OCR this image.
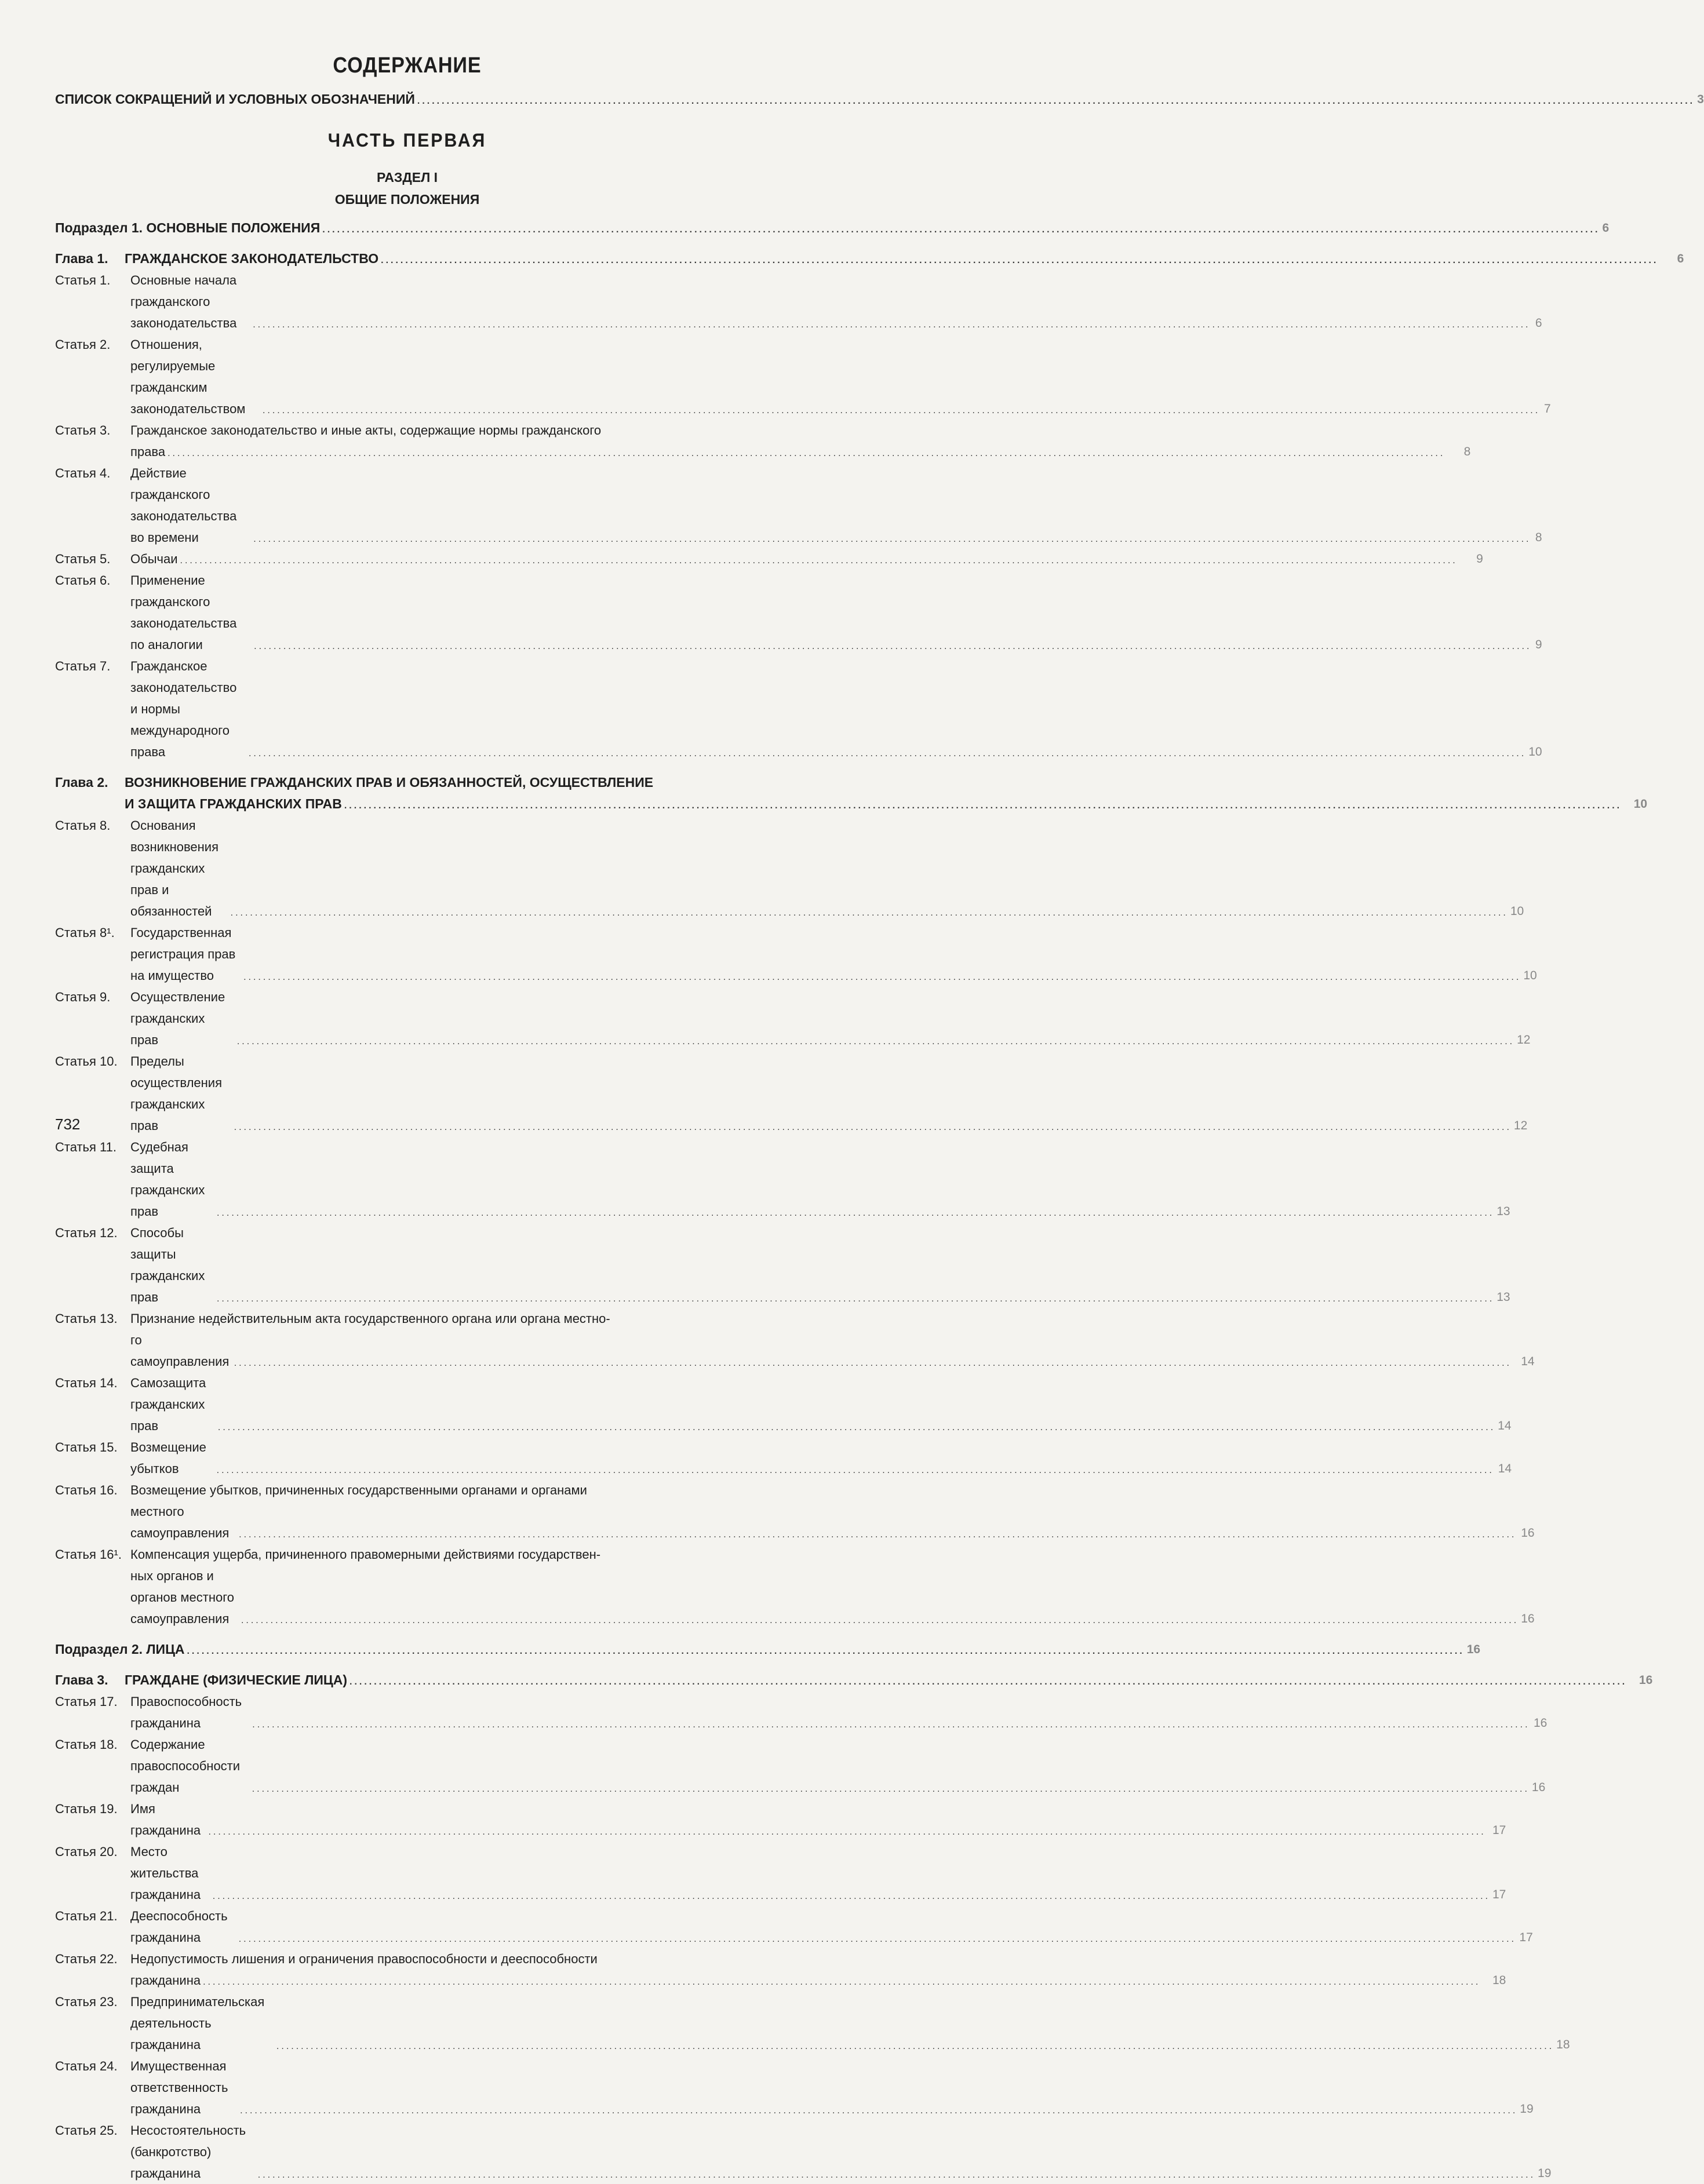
СОДЕРЖАНИЕ
СПИСОК СОКРАЩЕНИЙ И УСЛОВНЫХ ОБОЗНАЧЕНИЙ .....	3
ЧАСТЬ ПЕРВАЯ
РАЗДЕЛ I
ОБЩИЕ ПОЛОЖЕНИЯ
Подраздел 1. ОСНОВНЫЕ ПОЛОЖЕНИЯ .....	6
Глава 1.	ГРАЖДАНСКОЕ ЗАКОНОДАТЕЛЬСТВО .....	6
Статья 1.	Основные начала гражданского законодательства .....	6
Статья 2.	Отношения, регулируемые гражданским законодательством .....	7
Статья 3.	Гражданское законодательство и иные акты, содержащие нормы гражданского
права .....	8
Статья 4.	Действие гражданского законодательства во времени .....	8
Статья 5.	Обычаи .....	9
Статья 6.	Применение гражданского законодательства по аналогии .....	9
Статья 7.	Гражданское законодательство и нормы международного права .....	10
Глава 2.	ВОЗНИКНОВЕНИЕ ГРАЖДАНСКИХ ПРАВ И ОБЯЗАННОСТЕЙ, ОСУЩЕСТВЛЕНИЕ
И ЗАЩИТА ГРАЖДАНСКИХ ПРАВ .....	10
Статья 8.	Основания возникновения гражданских прав и обязанностей .....	10
Статья 8¹.	Государственная регистрация прав на имущество .....	10
Статья 9.	Осуществление гражданских прав .....	12
Статья 10.	Пределы осуществления гражданских прав .....	12
Статья 11.	Судебная защита гражданских прав .....	13
Статья 12.	Способы защиты гражданских прав .....	13
Статья 13.	Признание недействительным акта государственного органа или органа местно-
го самоуправления .....	14
Статья 14.	Самозащита гражданских прав .....	14
Статья 15.	Возмещение убытков .....	14
Статья 16.	Возмещение убытков, причиненных государственными органами и органами
местного самоуправления .....	16
Статья 16¹. Компенсация ущерба, причиненного правомерными действиями государствен-
ных органов и органов местного самоуправления .....	16
Подраздел 2. ЛИЦА .....	16
Глава 3.	ГРАЖДАНЕ (ФИЗИЧЕСКИЕ ЛИЦА) .....	16
Статья 17.	Правоспособность гражданина .....	16
Статья 18.	Содержание правоспособности граждан .....	16
Статья 19.	Имя гражданина .....	17
Статья 20.	Место жительства гражданина .....	17
Статья 21.	Дееспособность гражданина .....	17
Статья 22.	Недопустимость лишения и ограничения правоспособности и дееспособности
гражданина .....	18
Статья 23.	Предпринимательская деятельность гражданина .....	18
Статья 24.	Имущественная ответственность гражданина .....	19
Статья 25.	Несостоятельность (банкротство) гражданина .....	19
732
